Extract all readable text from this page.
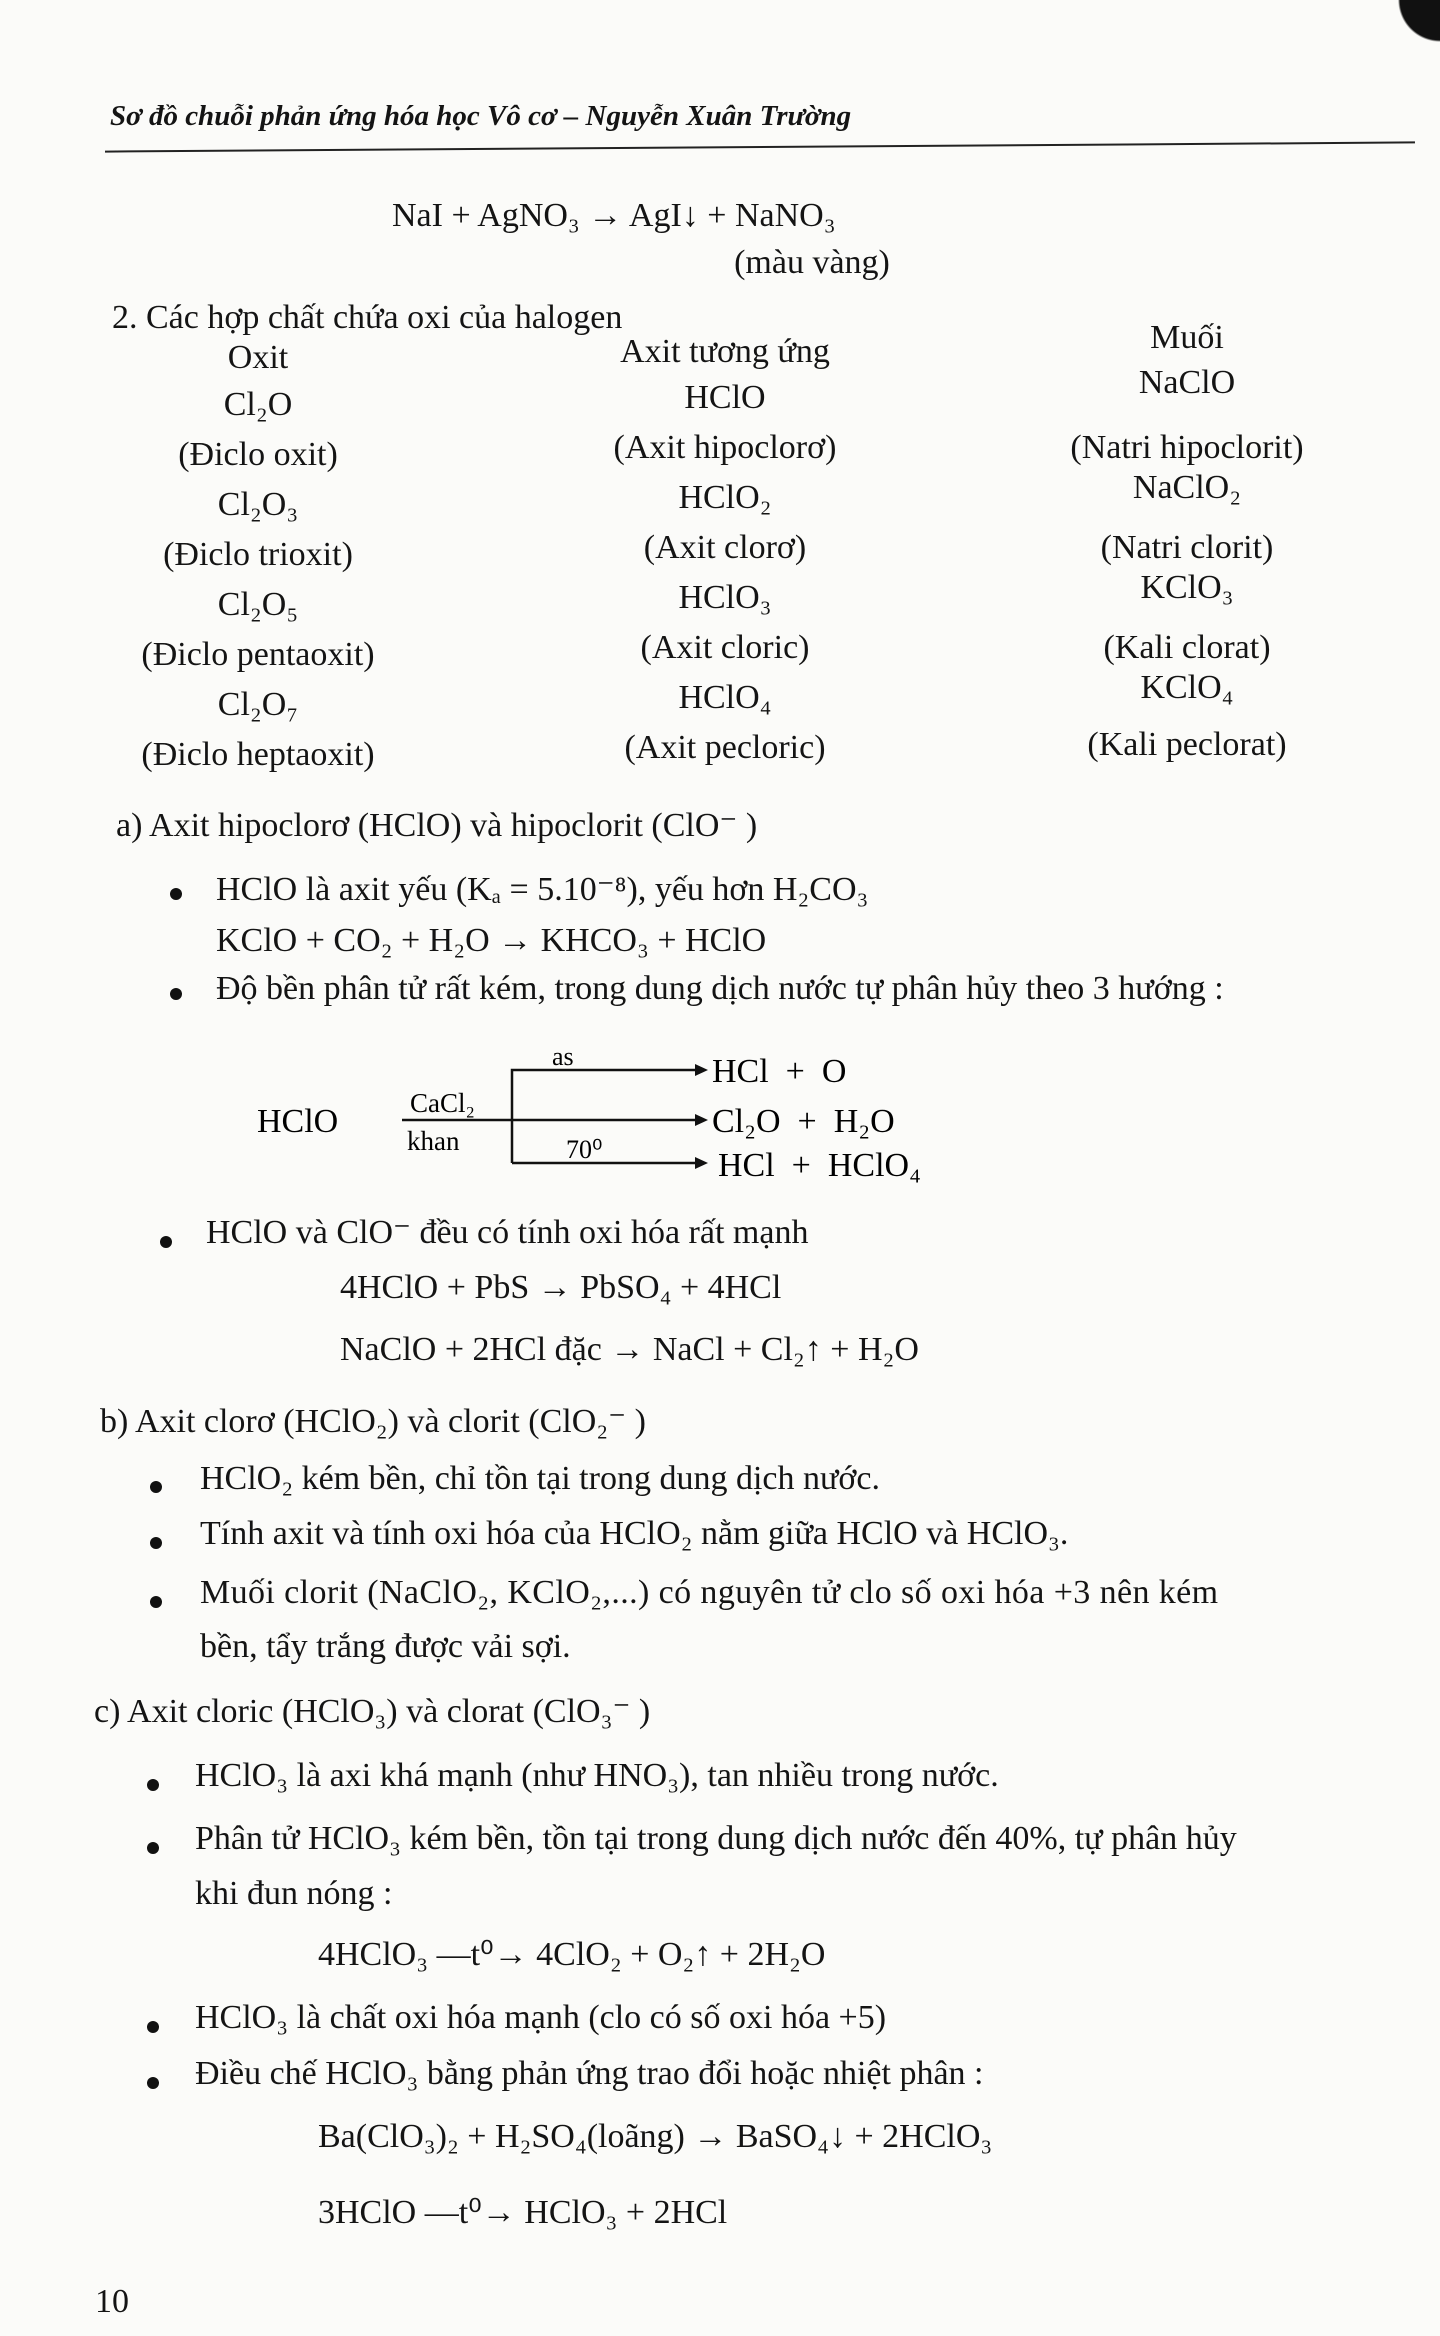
Sơ đồ chuỗi phản ứng hóa học Vô cơ – Nguyễn Xuân Trường
NaI + AgNO₃ → AgI↓ + NaNO₃
(màu vàng)
2. Các hợp chất chứa oxi của halogen
Oxit	Axit tương ứng	Muối
Cl₂O	HClO	NaClO
(Điclo oxit)	(Axit hipoclorơ)	(Natri hipoclorit)
Cl₂O₃	HClO₂	NaClO₂
(Điclo trioxit)	(Axit clorơ)	(Natri clorit)
Cl₂O₅	HClO₃	KClO₃
(Điclo pentaoxit)	(Axit cloric)	(Kali clorat)
Cl₂O₇	HClO₄	KClO₄
(Điclo heptaoxit)	(Axit pecloric)	(Kali peclorat)
a) Axit hipoclorơ (HClO) và hipoclorit (ClO⁻ )
HClO là axit yếu (Kₐ = 5.10⁻⁸), yếu hơn H₂CO₃
KClO + CO₂ + H₂O → KHCO₃ + HClO
Độ bền phân tử rất kém, trong dung dịch nước tự phân hủy theo 3 hướng :
HClO	CaCl₂
khan
as
70⁰
HCl  +  O
Cl₂O  +  H₂O
HCl  +  HClO₄
HClO và ClO⁻ đều có tính oxi hóa rất mạnh
4HClO + PbS → PbSO₄ + 4HCl
NaClO + 2HCl đặc → NaCl + Cl₂↑ + H₂O
b) Axit clorơ (HClO₂) và clorit (ClO₂⁻ )
HClO₂ kém bền, chỉ tồn tại trong dung dịch nước.
Tính axit và tính oxi hóa của HClO₂ nằm giữa HClO và HClO₃.
Muối clorit (NaClO₂, KClO₂,...) có nguyên tử clo số oxi hóa +3 nên kém
bền, tẩy trắng được vải sợi.
c) Axit cloric (HClO₃) và clorat (ClO₃⁻ )
HClO₃ là axi khá mạnh (như HNO₃), tan nhiều trong nước.
Phân tử HClO₃ kém bền, tồn tại trong dung dịch nước đến 40%, tự phân hủy
khi đun nóng :
4HClO₃ —t⁰→ 4ClO₂ + O₂↑ + 2H₂O
HClO₃ là chất oxi hóa mạnh (clo có số oxi hóa +5)
Điều chế HClO₃ bằng phản ứng trao đổi hoặc nhiệt phân :
Ba(ClO₃)₂ + H₂SO₄(loãng) → BaSO₄↓ + 2HClO₃
3HClO —t⁰→ HClO₃ + 2HCl
10
